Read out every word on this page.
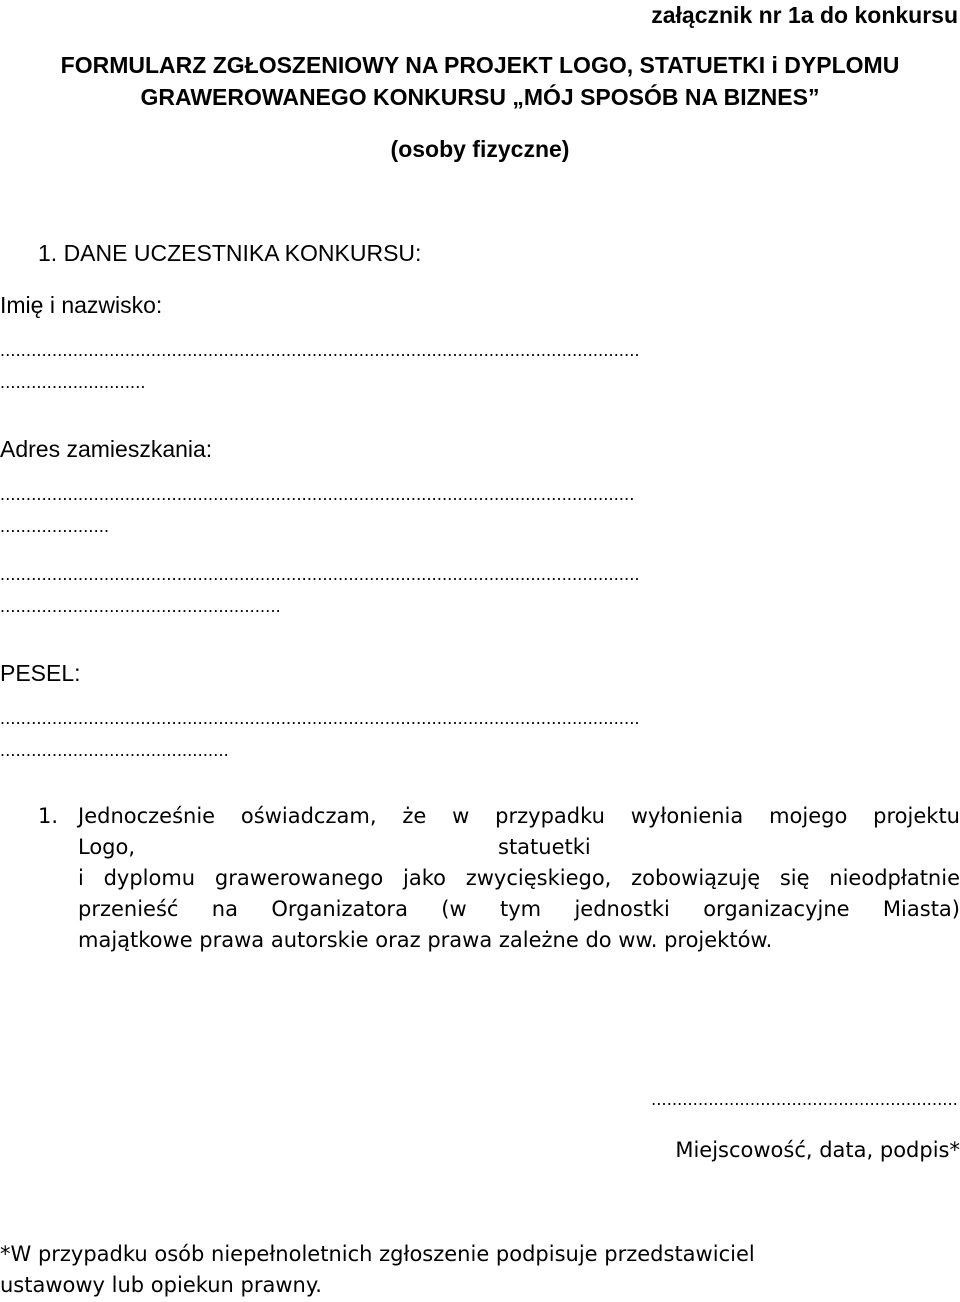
załącznik nr 1a do konkursu
FORMULARZ ZGŁOSZENIOWY NA PROJEKT LOGO, STATUETKI i DYPLOMU
GRAWEROWANEGO KONKURSU „MÓJ SPOSÓB NA BIZNES”
(osoby fizyczne)
1. DANE UCZESTNIKA KONKURSU:
Imię i nazwisko:
...........................................................................................................................
............................
Adres zamieszkania:
..........................................................................................................................
.....................
...........................................................................................................................
......................................................
PESEL:
...........................................................................................................................
............................................
1. Jednocześnie oświadczam, że w przypadku wyłonienia mojego projektu
Logo,	statuetki
i dyplomu grawerowanego jako zwycięskiego, zobowiązuję się nieodpłatnie
przenieść na Organizatora (w tym jednostki organizacyjne Miasta)
majątkowe prawa autorskie oraz prawa zależne do ww. projektów.
...........................................................
Miejscowość, data, podpis*
*W przypadku osób niepełnoletnich zgłoszenie podpisuje przedstawiciel
ustawowy lub opiekun prawny.
